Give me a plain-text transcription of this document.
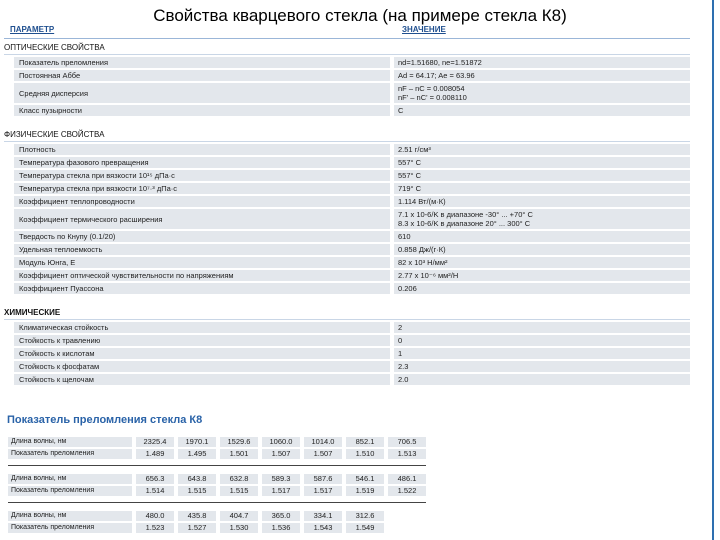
Свойства кварцевого стекла (на примере стекла К8)
ПАРАМЕТР	ЗНАЧЕНИЕ
ОПТИЧЕСКИЕ СВОЙСТВА
Показатель преломления	nd=1.51680, ne=1.51872
Постоянная Аббе	Ad = 64.17; Ae = 63.96
Средняя дисперсия	nF – nC = 0.008054
nF' – nC' = 0.008110
Класс пузырности	C
ФИЗИЧЕСКИЕ СВОЙСТВА
Плотность	2.51 г/см³
Температура фазового превращения	557° C
Температура стекла при вязкости 10¹⁵ дПа·с	557° C
Температура стекла при вязкости 10⁷·³ дПа·с	719° C
Коэффициент теплопроводности	1.114 Вт/(м·К)
Коэффициент термического расширения	7.1 x 10-6/K в диапазоне -30° ... +70° C
8.3 x 10-6/K в диапазоне 20° ... 300° C
Твердость по Кнупу (0.1/20)	610
Удельная теплоемкость	0.858 Дж/(г·К)
Модуль Юнга, E	82 x 10³ Н/мм²
Коэффициент оптической чувствительности по напряжениям	2.77 x 10⁻⁶ мм²/Н
Коэффициент Пуассона	0.206
ХИМИЧЕСКИЕ
Климатическая стойкость	2
Стойкость к травлению	0
Стойкость к кислотам	1
Стойкость к фосфатам	2.3
Стойкость к щелочам	2.0
Показатель преломления стекла К8
Длина волны, нм	2325.4	1970.1	1529.6	1060.0	1014.0	852.1	706.5
Показатель преломления	1.489	1.495	1.501	1.507	1.507	1.510	1.513
Длина волны, нм	656.3	643.8	632.8	589.3	587.6	546.1	486.1
Показатель преломления	1.514	1.515	1.515	1.517	1.517	1.519	1.522
Длина волны, нм	480.0	435.8	404.7	365.0	334.1	312.6
Показатель преломления	1.523	1.527	1.530	1.536	1.543	1.549
